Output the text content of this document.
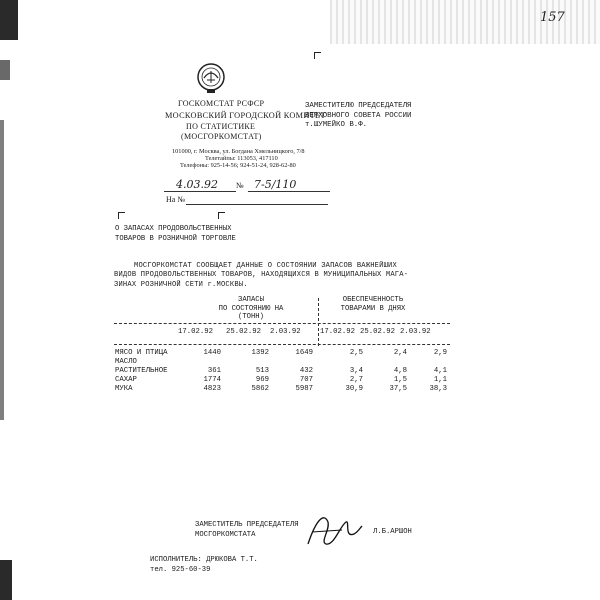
157
ГОСКОМСТАТ РСФСР
МОСКОВСКИЙ ГОРОДСКОЙ КОМИТЕТ
ПО СТАТИСТИКЕ
(МОСГОРКОМСТАТ)
101000, г. Москва, ул. Богдана Хмельницкого, 7/8
Телетайпы: 113053, 417110
Телефоны: 925-14-56; 924-51-24, 928-62-80
4.03.92 № 7-5/110
На №
ЗАМЕСТИТЕЛЮ ПРЕДСЕДАТЕЛЯ
ВЕРХОВНОГО СОВЕТА РОССИИ
т.ШУМЕЙКО В.Ф.
О ЗАПАСАХ ПРОДОВОЛЬСТВЕННЫХ
ТОВАРОВ В РОЗНИЧНОЙ ТОРГОВЛЕ
МОСГОРКОМСТАТ СООБЩАЕТ ДАННЫЕ О СОСТОЯНИИ ЗАПАСОВ ВАЖНЕЙШИХ
ВИДОВ ПРОДОВОЛЬСТВЕННЫХ ТОВАРОВ, НАХОДЯЩИХСЯ В МУНИЦИПАЛЬНЫХ МАГА-
ЗИНАХ РОЗНИЧНОЙ СЕТИ г.МОСКВЫ.
ЗАПАСЫ
ПО СОСТОЯНИЮ НА
(ТОНН)
ОБЕСПЕЧЕННОСТЬ
ТОВАРАМИ В ДНЯХ
17.02.92 25.02.92 2.03.92	17.02.92 25.02.92 2.03.92
МЯСО И ПТИЦА	1440	1392	1649	2,5	2,4	2,9
МАСЛО						
РАСТИТЕЛЬНОЕ	361	513	432	3,4	4,8	4,1
САХАР	1774	969	707	2,7	1,5	1,1
МУКА	4823	5862	5987	30,9	37,5	38,3
ЗАМЕСТИТЕЛЬ ПРЕДСЕДАТЕЛЯ
МОСГОРКОМСТАТА	Л.Б.АРШОН
ИСПОЛНИТЕЛЬ: ДРЮКОВА Т.Т.
тел. 925-60-39
